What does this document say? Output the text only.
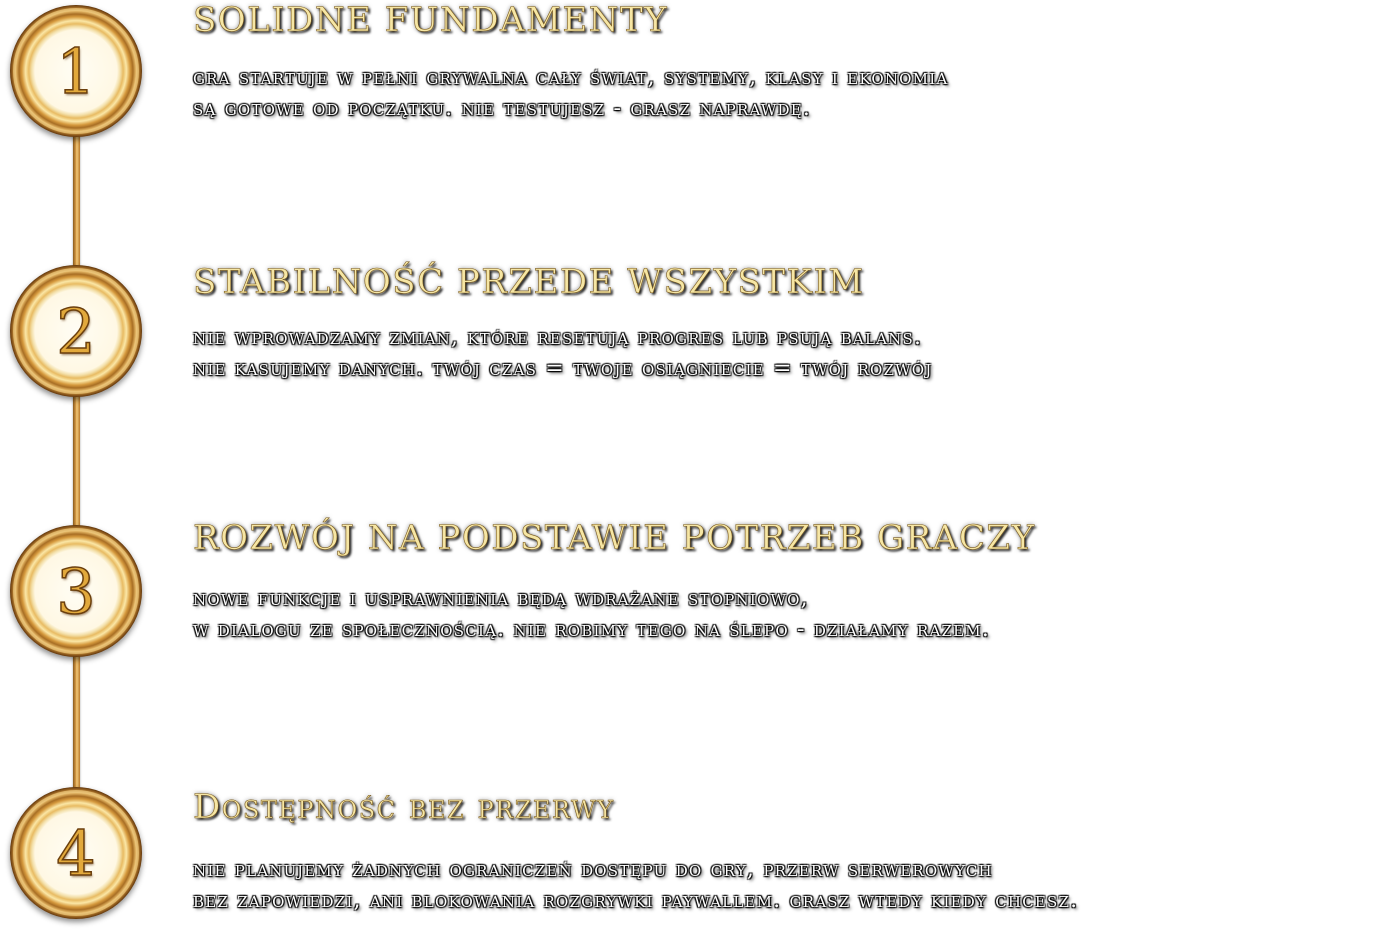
1
SOLIDNE FUNDAMENTY

gra startuje w pełni grywalna cały świat, systemy, klasy i ekonomia
są gotowe od początku. nie testujesz - grasz naprawdę.

2
STABILNOŚĆ PRZEDE WSZYSTKIM

nie wprowadzamy zmian, które resetują progres lub psują balans.
nie kasujemy danych. twój czas = twoje osiągniecie = twój rozwój

3
ROZWÓJ NA PODSTAWIE POTRZEB GRACZY

nowe funkcje i usprawnienia będą wdrażane stopniowo,
w dialogu ze społecznością. nie robimy tego na ślepo - działamy razem.

4
Dostępność bez przerwy

nie planujemy żadnych ograniczeń dostępu do gry, przerw serwerowych
bez zapowiedzi, ani blokowania rozgrywki paywallem. grasz wtedy kiedy chcesz.
